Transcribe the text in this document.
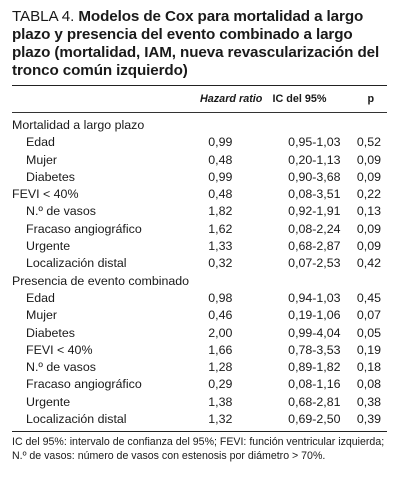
TABLA 4. Modelos de Cox para mortalidad a largo plazo y presencia del evento combinado a largo plazo (mortalidad, IAM, nueva revascularización del tronco común izquierdo)
	Hazard ratio	IC del 95%	p

Mortalidad a largo plazo			
Edad	0,99	0,95-1,03	0,52
Mujer	0,48	0,20-1,13	0,09
Diabetes	0,99	0,90-3,68	0,09
FEVI < 40%	0,48	0,08-3,51	0,22
N.º de vasos	1,82	0,92-1,91	0,13
Fracaso angiográfico	1,62	0,08-2,24	0,09
Urgente	1,33	0,68-2,87	0,09
Localización distal	0,32	0,07-2,53	0,42
Presencia de evento combinado			
Edad	0,98	0,94-1,03	0,45
Mujer	0,46	0,19-1,06	0,07
Diabetes	2,00	0,99-4,04	0,05
FEVI < 40%	1,66	0,78-3,53	0,19
N.º de vasos	1,28	0,89-1,82	0,18
Fracaso angiográfico	0,29	0,08-1,16	0,08
Urgente	1,38	0,68-2,81	0,38
Localización distal	1,32	0,69-2,50	0,39
IC del 95%: intervalo de confianza del 95%; FEVI: función ventricular izquierda; N.º de vasos: número de vasos con estenosis por diámetro > 70%.
